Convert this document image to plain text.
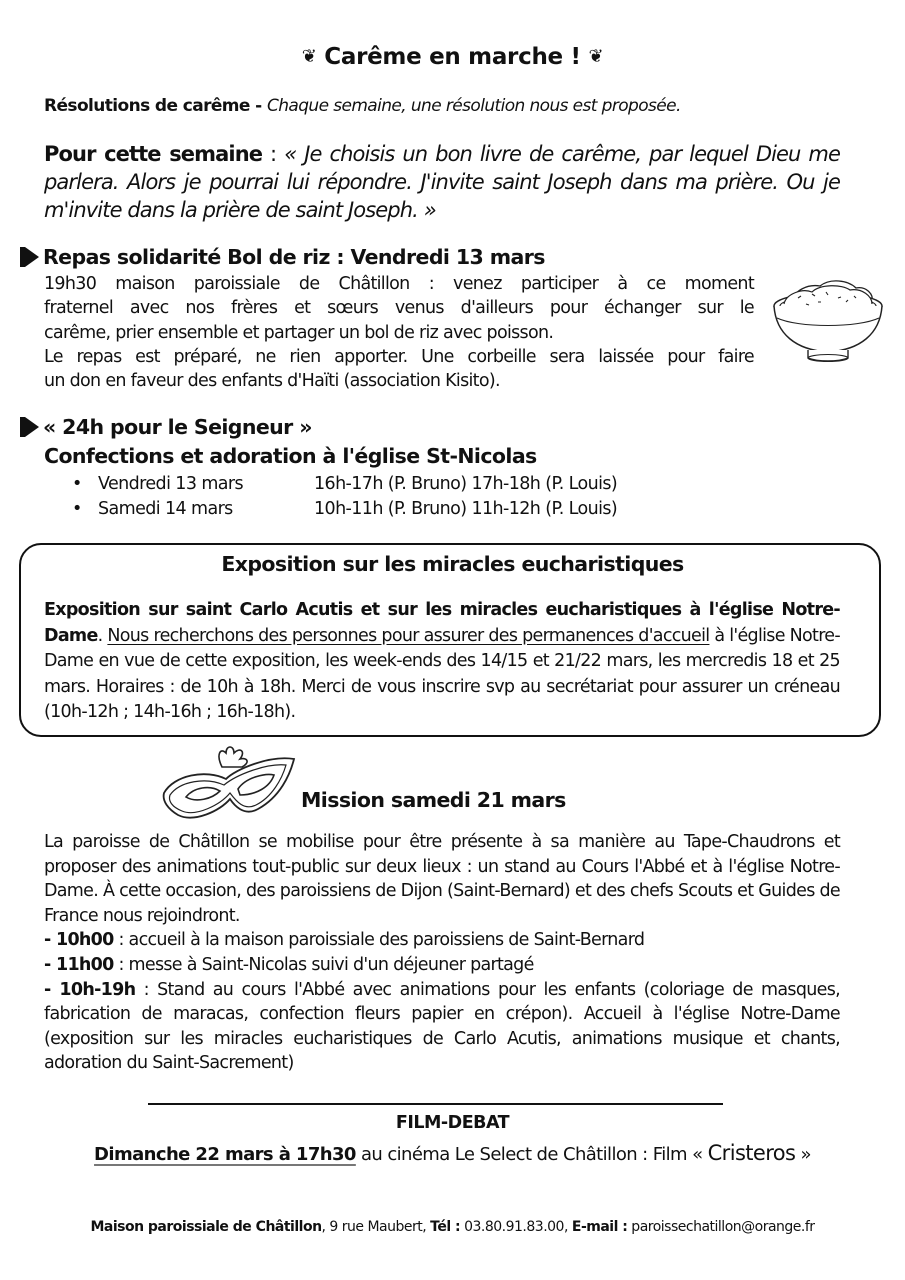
❦ Carême en marche ! ❦
Résolutions de carême - Chaque semaine, une résolution nous est proposée.
Pour cette semaine : « Je choisis un bon livre de carême, par lequel Dieu me parlera. Alors je pourrai lui répondre. J'invite saint Joseph dans ma prière. Ou je m'invite dans la prière de saint Joseph. »
Repas solidarité Bol de riz : Vendredi 13 mars
19h30 maison paroissiale de Châtillon : venez participer à ce moment
fraternel avec nos frères et sœurs venus d'ailleurs pour échanger sur le
carême, prier ensemble et partager un bol de riz avec poisson.
Le repas est préparé, ne rien apporter. Une corbeille sera laissée pour faire
un don en faveur des enfants d'Haïti (association Kisito).
« 24h pour le Seigneur »
Confections et adoration à l'église St-Nicolas
• Vendredi 13 mars	16h-17h (P. Bruno) 17h-18h (P. Louis)
• Samedi 14 mars	10h-11h (P. Bruno) 11h-12h (P. Louis)
Exposition sur les miracles eucharistiques
Exposition sur saint Carlo Acutis et sur les miracles eucharistiques à l'église Notre-Dame. Nous recherchons des personnes pour assurer des permanences d'accueil à l'église Notre-Dame en vue de cette exposition, les week-ends des 14/15 et 21/22 mars, les mercredis 18 et 25 mars. Horaires : de 10h à 18h. Merci de vous inscrire svp au secrétariat pour assurer un créneau (10h-12h ; 14h-16h ; 16h-18h).
Mission samedi 21 mars
La paroisse de Châtillon se mobilise pour être présente à sa manière au Tape-Chaudrons et proposer des animations tout-public sur deux lieux : un stand au Cours l'Abbé et à l'église Notre-Dame. À cette occasion, des paroissiens de Dijon (Saint-Bernard) et des chefs Scouts et Guides de France nous rejoindront.
- 10h00 : accueil à la maison paroissiale des paroissiens de Saint-Bernard
- 11h00 : messe à Saint-Nicolas suivi d'un déjeuner partagé
- 10h-19h : Stand au cours l'Abbé avec animations pour les enfants (coloriage de masques, fabrication de maracas, confection fleurs papier en crépon). Accueil à l'église Notre-Dame (exposition sur les miracles eucharistiques de Carlo Acutis, animations musique et chants, adoration du Saint-Sacrement)
FILM-DEBAT
Dimanche 22 mars à 17h30 au cinéma Le Select de Châtillon : Film « Cristeros »
Maison paroissiale de Châtillon, 9 rue Maubert, Tél : 03.80.91.83.00, E-mail : paroissechatillon@orange.fr
